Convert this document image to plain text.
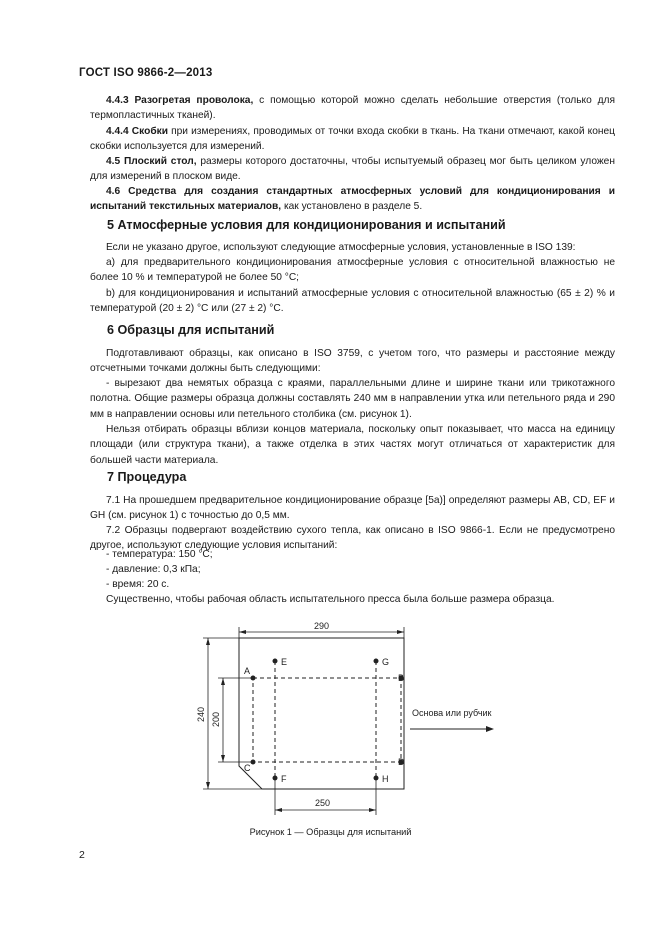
ГОСТ ISO 9866-2—2013

4.4.3 Разогретая проволока, с помощью которой можно сделать небольшие отверстия (только для термопластичных тканей).

4.4.4 Скобки при измерениях, проводимых от точки входа скобки в ткань. На ткани отмечают, какой конец скобки используется для измерений.

4.5 Плоский стол, размеры которого достаточны, чтобы испытуемый образец мог быть целиком уложен для измерений в плоском виде.

4.6 Средства для создания стандартных атмосферных условий для кондиционирования и испытаний текстильных материалов, как установлено в разделе 5.

5 Атмосферные условия для кондиционирования и испытаний

Если не указано другое, используют следующие атмосферные условия, установленные в ISO 139:

a) для предварительного кондиционирования атмосферные условия с относительной влажностью не более 10 % и температурой не более 50 °С;

b) для кондиционирования и испытаний атмосферные условия с относительной влажностью (65 ± 2) % и температурой (20 ± 2) °С или (27 ± 2) °С.

6 Образцы для испытаний

Подготавливают образцы, как описано в ISO 3759, с учетом того, что размеры и расстояние между отсчетными точками должны быть следующими:

- вырезают два немятых образца с краями, параллельными длине и ширине ткани или трикотажного полотна. Общие размеры образца должны составлять 240 мм в направлении утка или петельного ряда и 290 мм в направлении основы или петельного столбика (см. рисунок 1).

Нельзя отбирать образцы вблизи концов материала, поскольку опыт показывает, что масса на единицу площади (или структура ткани), а также отделка в этих частях могут отличаться от характеристик для большей части материала.

7 Процедура

7.1 На прошедшем предварительное кондиционирование образце [5а)] определяют размеры АВ, CD, EF и GH (см. рисунок 1) с точностью до 0,5 мм.

7.2 Образцы подвергают воздействию сухого тепла, как описано в ISO 9866-1. Если не предусмотрено другое, используют следующие условия испытаний:

- температура: 150 °С;

- давление: 0,3 кПа;

- время: 20 с.

Существенно, чтобы рабочая область испытательного пресса была больше размера образца.

290
240 200
250
A
B
C
D
E
F
G
H
Основа или рубчик
Рисунок 1 — Образцы для испытаний
2
